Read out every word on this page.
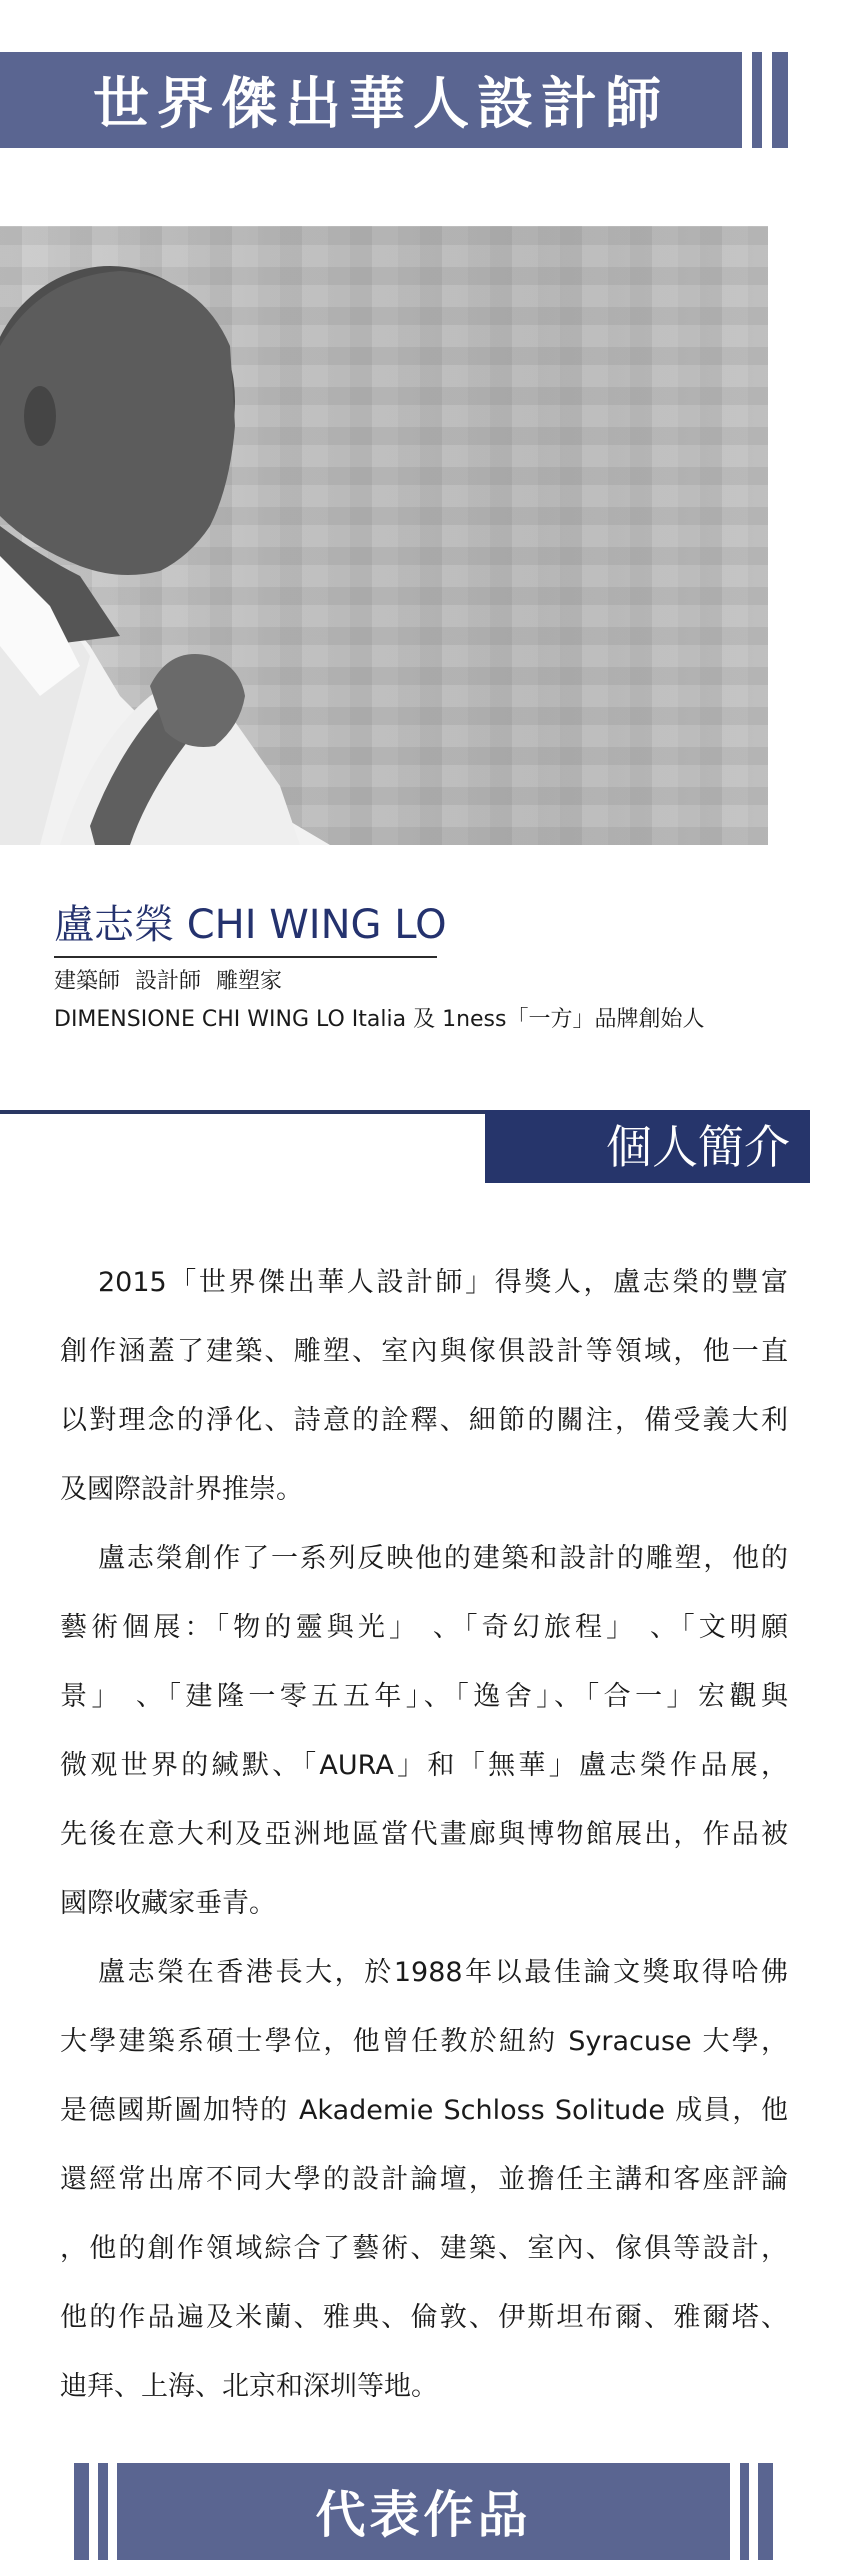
世界傑出華人設計師
盧志榮 CHI WING LO
建築師 設計師 雕塑家
DIMENSIONE CHI WING LO Italia 及 1ness「一方」品牌創始人
個人簡介
2015「世界傑出華人設計師」得獎人，盧志榮的豐富
創作涵蓋了建築、雕塑、室內與傢俱設計等領域，他一直
以對理念的淨化、詩意的詮釋、細節的關注，備受義大利
及國際設計界推崇。
盧志榮創作了一系列反映他的建築和設計的雕塑，他的
藝術個展：「物的靈與光」 、「奇幻旅程」 、「文明願
景」 、「建隆一零五五年」、「逸舍」、「合一」宏觀與
微观世界的緘默、「AURA」和「無華」盧志榮作品展，
先後在意大利及亞洲地區當代畫廊與博物館展出，作品被
國際收藏家垂青。
盧志榮在香港長大，於1988年以最佳論文獎取得哈佛
大學建築系碩士學位，他曾任教於紐約 Syracuse 大學，
是德國斯圖加特的 Akademie Schloss Solitude 成員，他
還經常出席不同大學的設計論壇，並擔任主講和客座評論
，他的創作領域綜合了藝術、建築、室內、傢俱等設計，
他的作品遍及米蘭、雅典、倫敦、伊斯坦布爾、雅爾塔、
迪拜、上海、北京和深圳等地。
代表作品
